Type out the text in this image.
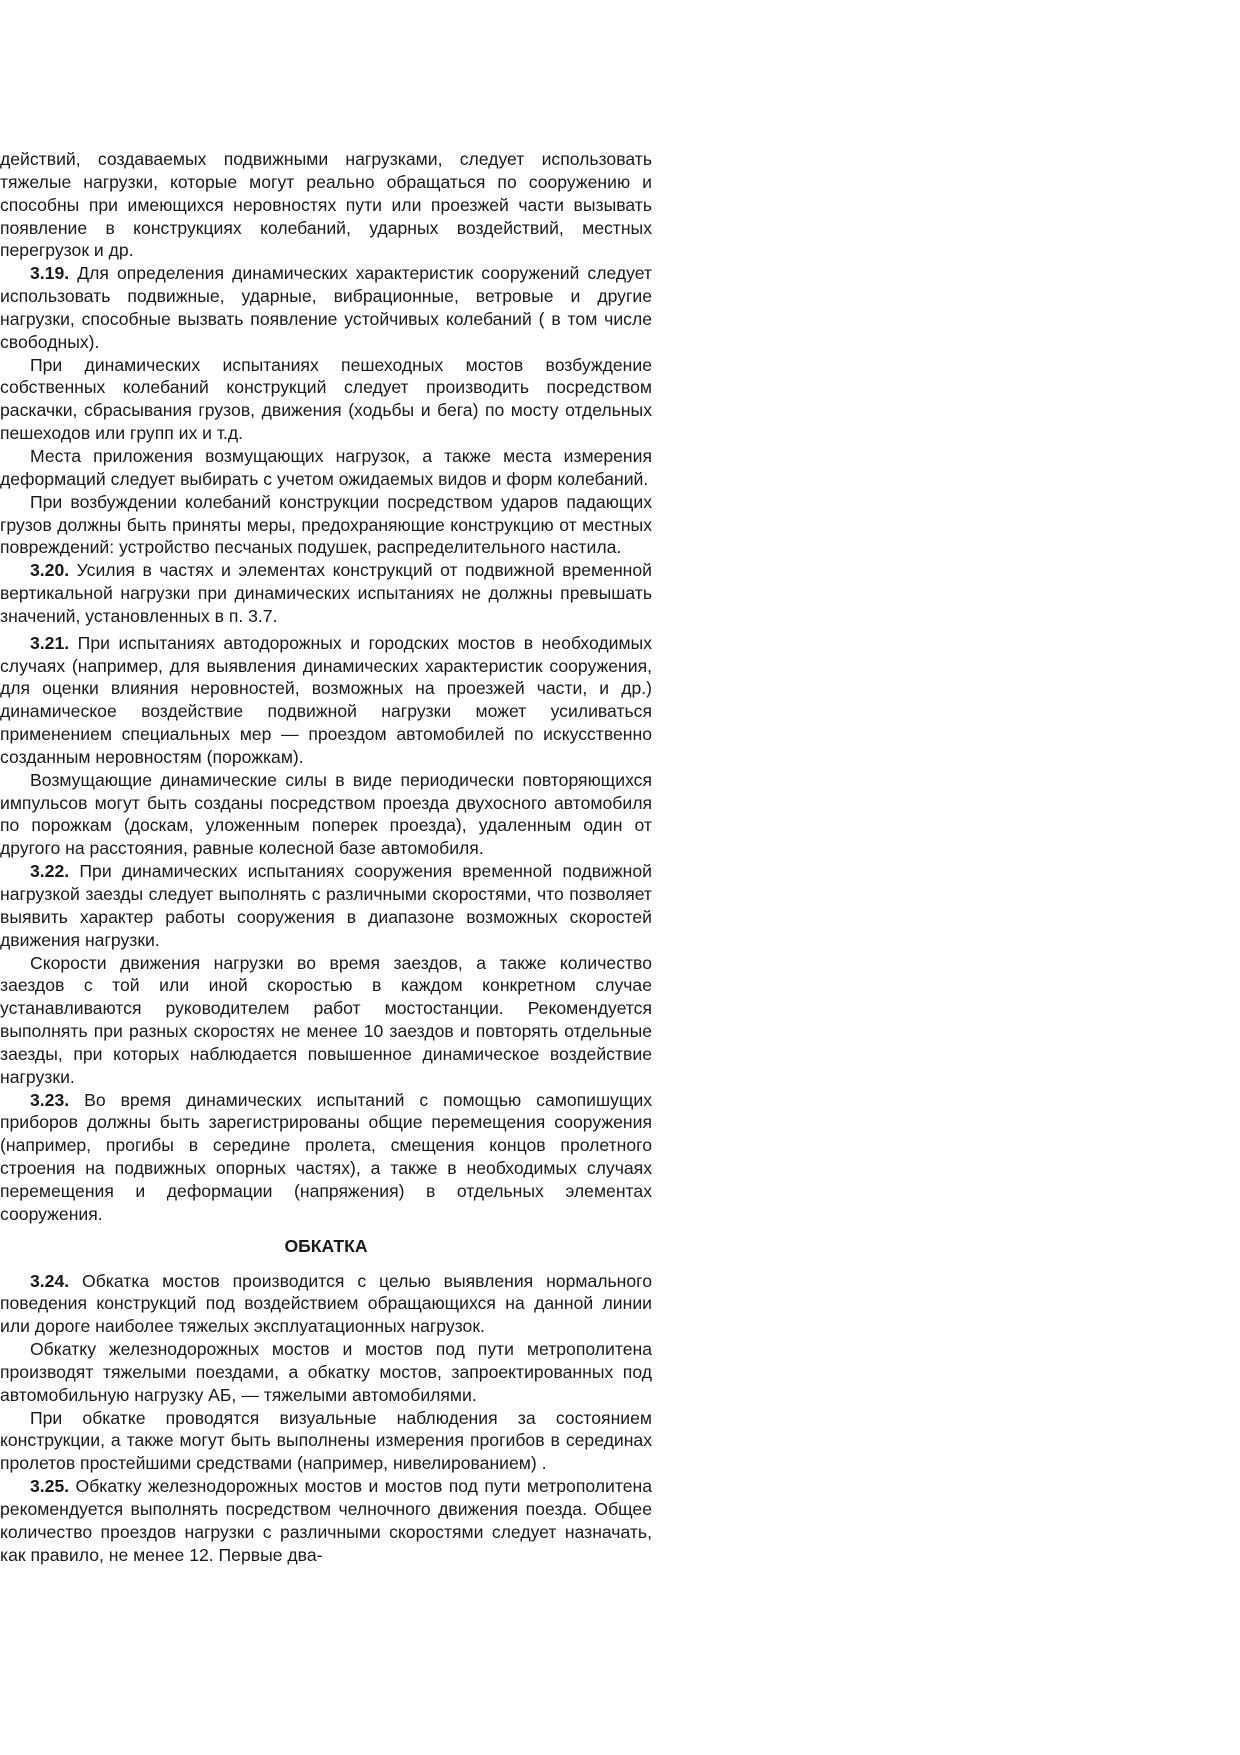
действий, создаваемых подвижными нагрузками, следует использовать тяжелые нагрузки, которые могут реально обращаться по сооружению и способны при имеющихся неровностях пути или проезжей части вызывать появление в конструкциях колебаний, ударных воздействий, местных перегрузок и др.

3.19. Для определения динамических характеристик сооружений следует использовать подвижные, ударные, вибрационные, ветровые и другие нагрузки, способные вызвать появление устойчивых колебаний ( в том числе свободных).

При динамических испытаниях пешеходных мостов возбуждение собственных колебаний конструкций следует производить посредством раскачки, сбрасывания грузов, движения (ходьбы и бега) по мосту отдельных пешеходов или групп их и т.д.

Места приложения возмущающих нагрузок, а также места измерения деформаций следует выбирать с учетом ожидаемых видов и форм колебаний.

При возбуждении колебаний конструкции посредством ударов падающих грузов должны быть приняты меры, предохраняющие конструкцию от местных повреждений: устройство песчаных подушек, распределительного настила.

3.20. Усилия в частях и элементах конструкций от подвижной временной вертикальной нагрузки при динамических испытаниях не должны превышать значений, установленных в п. 3.7.

3.21. При испытаниях автодорожных и городских мостов в необходимых случаях (например, для выявления динамических характеристик сооружения, для оценки влияния неровностей, возможных на проезжей части, и др.) динамическое воздействие подвижной нагрузки может усиливаться применением специальных мер — проездом автомобилей по искусственно созданным неровностям (порожкам).

Возмущающие динамические силы в виде периодически повторяющихся импульсов могут быть созданы посредством проезда двухосного автомобиля по порожкам (доскам, уложенным поперек проезда), удаленным один от другого на расстояния, равные колесной базе автомобиля.

3.22. При динамических испытаниях сооружения временной подвижной нагрузкой заезды следует выполнять с различными скоростями, что позволяет выявить характер работы сооружения в диапазоне возможных скоростей движения нагрузки.

Скорости движения нагрузки во время заездов, а также количество заездов с той или иной скоростью в каждом конкретном случае устанавливаются руководителем работ мостостанции. Рекомендуется выполнять при разных скоростях не менее 10 заездов и повторять отдельные заезды, при которых наблюдается повышенное динамическое воздействие нагрузки.

3.23. Во время динамических испытаний с помощью самопишущих приборов должны быть зарегистрированы общие перемещения сооружения (например, прогибы в середине пролета, смещения концов пролетного строения на подвижных опорных частях), а также в необходимых случаях перемещения и деформации (напряжения) в отдельных элементах сооружения.

ОБКАТКА

3.24. Обкатка мостов производится с целью выявления нормального поведения конструкций под воздействием обращающихся на данной линии или дороге наиболее тяжелых эксплуатационных нагрузок.

Обкатку железнодорожных мостов и мостов под пути метрополитена производят тяжелыми поездами, а обкатку мостов, запроектированных под автомобильную нагрузку АБ, — тяжелыми автомобилями.

При обкатке проводятся визуальные наблюдения за состоянием конструкции, а также могут быть выполнены измерения прогибов в серединах пролетов простейшими средствами (например, нивелированием) .

3.25. Обкатку железнодорожных мостов и мостов под пути метрополитена рекомендуется выполнять посредством челночного движения поезда. Общее количество проездов нагрузки с различными скоростями следует назначать, как правило, не менее 12. Первые два-
